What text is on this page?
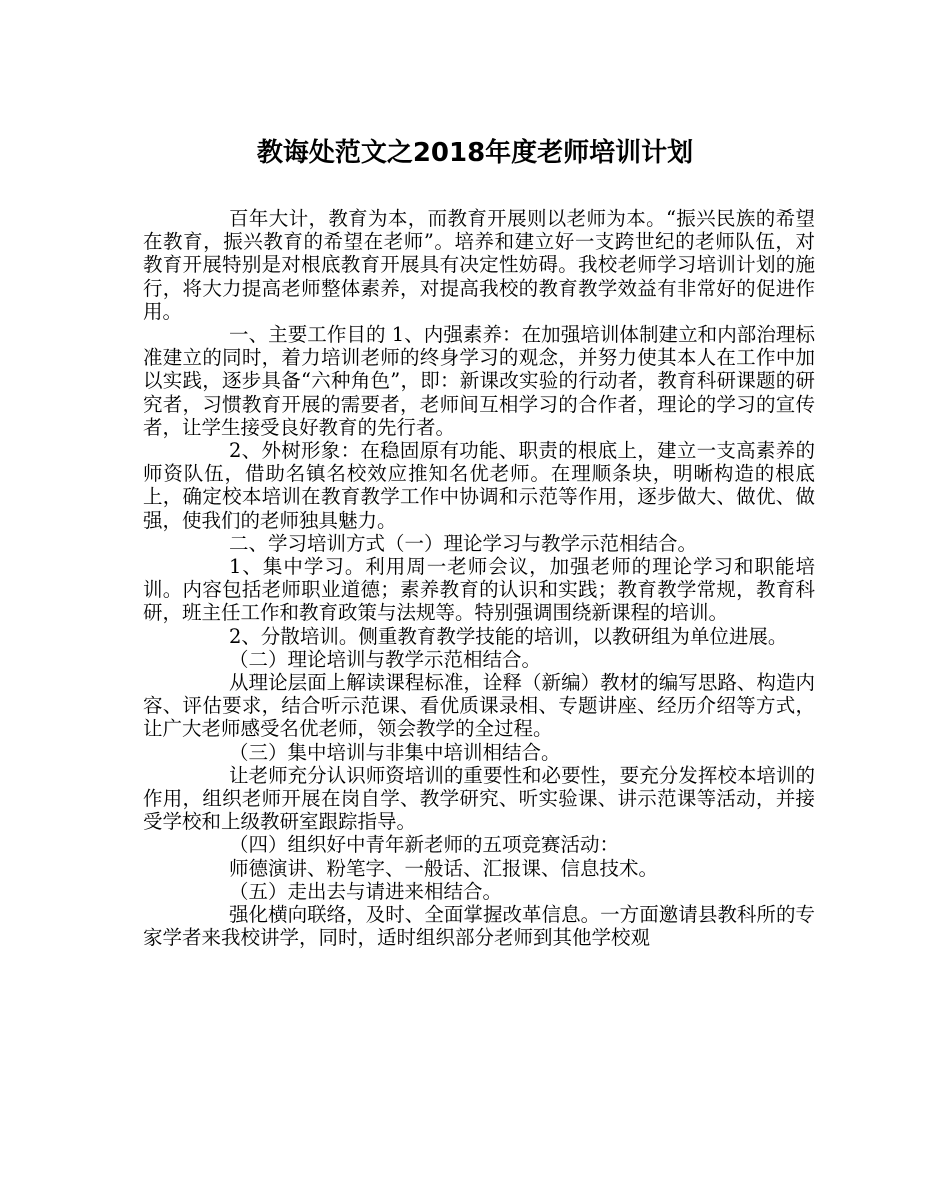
教诲处范文之2018年度老师培训计划

百年大计，教育为本，而教育开展则以老师为本。“振兴民族的希望在教育，振兴教育的希望在老师”。培养和建立好一支跨世纪的老师队伍，对教育开展特别是对根底教育开展具有决定性妨碍。我校老师学习培训计划的施行，将大力提高老师整体素养，对提高我校的教育教学效益有非常好的促进作用。

一、主要工作目的 1、内强素养：在加强培训体制建立和内部治理标准建立的同时，着力培训老师的终身学习的观念，并努力使其本人在工作中加以实践，逐步具备“六种角色”，即：新课改实验的行动者，教育科研课题的研究者，习惯教育开展的需要者，老师间互相学习的合作者，理论的学习的宣传者，让学生接受良好教育的先行者。

2、外树形象：在稳固原有功能、职责的根底上，建立一支高素养的师资队伍，借助名镇名校效应推知名优老师。在理顺条块，明晰构造的根底上，确定校本培训在教育教学工作中协调和示范等作用，逐步做大、做优、做强，使我们的老师独具魅力。

二、学习培训方式（一）理论学习与教学示范相结合。

1、集中学习。利用周一老师会议，加强老师的理论学习和职能培训。内容包括老师职业道德；素养教育的认识和实践；教育教学常规，教育科研，班主任工作和教育政策与法规等。特别强调围绕新课程的培训。

2、分散培训。侧重教育教学技能的培训，以教研组为单位进展。

（二）理论培训与教学示范相结合。

从理论层面上解读课程标准，诠释（新编）教材的编写思路、构造内容、评估要求，结合听示范课、看优质课录相、专题讲座、经历介绍等方式，让广大老师感受名优老师，领会教学的全过程。

（三）集中培训与非集中培训相结合。

让老师充分认识师资培训的重要性和必要性，要充分发挥校本培训的作用，组织老师开展在岗自学、教学研究、听实验课、讲示范课等活动，并接受学校和上级教研室跟踪指导。

（四）组织好中青年新老师的五项竞赛活动：

师德演讲、粉笔字、一般话、汇报课、信息技术。

（五）走出去与请进来相结合。

强化横向联络，及时、全面掌握改革信息。一方面邀请县教科所的专家学者来我校讲学，同时，适时组织部分老师到其他学校观
